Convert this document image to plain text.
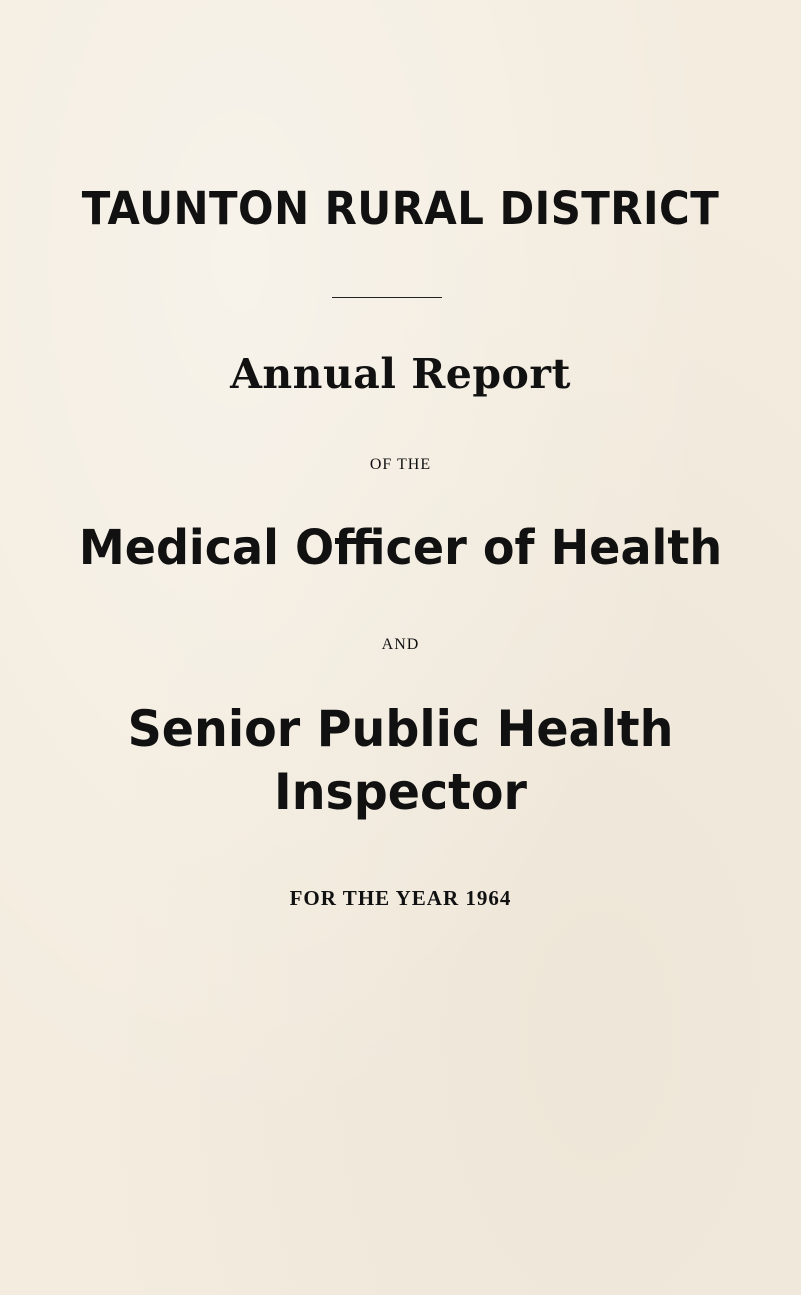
TAUNTON RURAL DISTRICT
Annual Report
OF THE
Medical Officer of Health
AND
Senior Public Health
Inspector
FOR THE YEAR 1964
